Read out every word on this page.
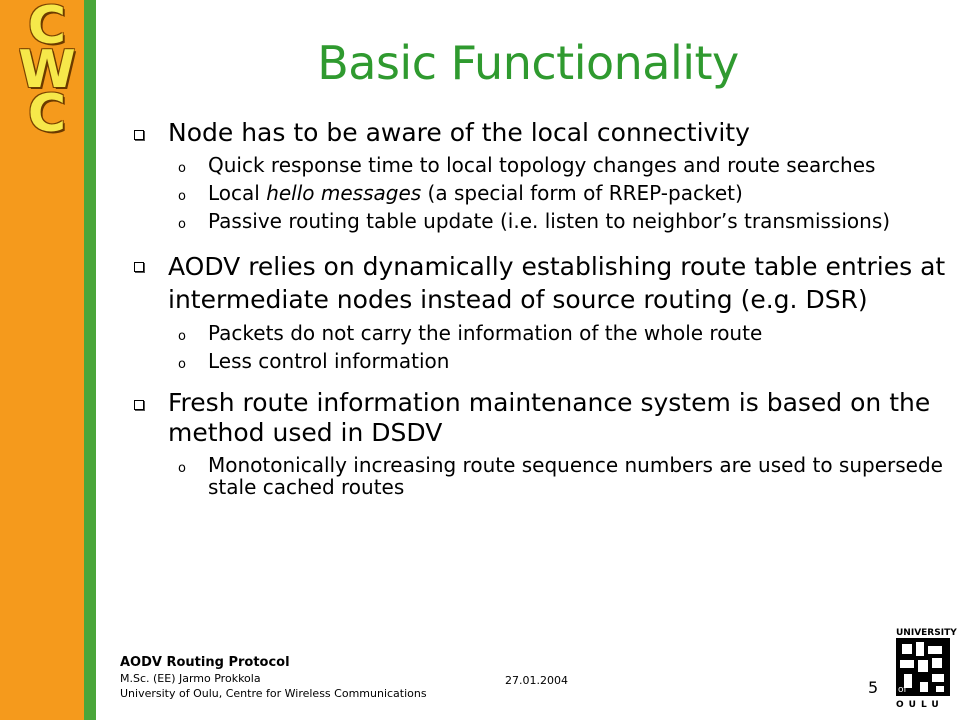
C
W
C
Basic Functionality
Node has to be aware of the local connectivity
o Quick response time to local topology changes and route searches
o Local hello messages (a special form of RREP-packet)
o Passive routing table update (i.e. listen to neighbor’s transmissions)
AODV relies on dynamically establishing route table entries at intermediate nodes instead of source routing (e.g. DSR)
o Packets do not carry the information of the whole route
o Less control information
Fresh route information maintenance system is based on the method used in DSDV
o Monotonically increasing route sequence numbers are used to supersede stale cached routes
AODV Routing Protocol
M.Sc. (EE) Jarmo Prokkola
University of Oulu, Centre for Wireless Communications
27.01.2004	5
UNIVERSITY
of
OULU
